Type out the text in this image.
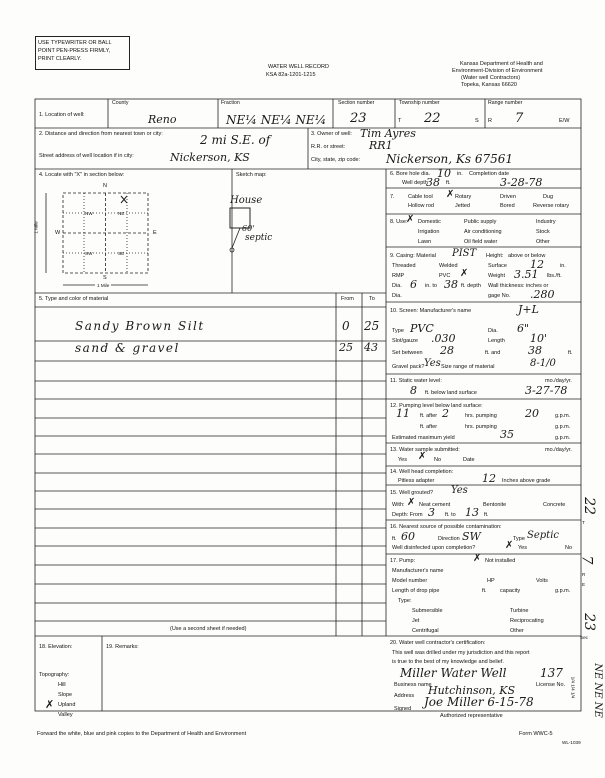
USE TYPEWRITER OR BALL
POINT PEN-PRESS FIRMLY,
PRINT CLEARLY.
WATER WELL RECORD
KSA 82a-1201-1215
Kansas Department of Health and
Environment-Division of Environment
(Water well Contractors)
Topeka, Kansas 66620
1. Location of well:
County
Reno
Fraction
NE¼ NE¼ NE¼
Section number
23
Township number
T 22	S
Range number
R 7	E/W
2. Distance and direction from nearest town or city:	2 mi S.E. of
Street address of well location if in city:	Nickerson, KS
3. Owner of well: Tim Ayres
R.R. or street: RR1
City, state, zip code: Nickerson, Ks 67561
4. Locate with "X" in section below:	Sketch map:
N
S
W	E
NW	NE
SW	SE
1 Mile
1 Mile
House
60'
septic
5. Type and color of material	From	To
Sandy Brown Silt	0 25
sand & gravel	25 43
(Use a second sheet if needed)
6. Bore hole dia. 10 in. Completion date
Well depth
38 ft.	3-28-78
7. Cable tool	Rotary
✗	Driven	Dug
Hollow rod	Jetted	Bored	Reverse rotary
8. Use:
✗ Domestic	Public supply	Industry
Irrigation	Air conditioning	Stock
Lawn	Oil field water	Other
9. Casing: Material PIST Height: above or below
Threaded	Welded	Surface 12	in.
RMP	PVC ✗	Weight 3.51 lbs./ft.
Dia. 6 in. to 38 ft. depth Wall thickness: inches or
Dia.	gage No. .280
10. Screen: Manufacturer's name	J+L
Type PVC	Dia. 6"
Slot/gauze .030	Length 10'
Set between 28	ft. and	38	ft.
Gravel pack? Yes Size range of material	8-1/0
11. Static water level:	mo./day/yr.
8 ft. below land surface	3-27-78
12. Pumping level below land surface:
11 ft. after 2	hrs. pumping	20	g.p.m.
ft. after	hrs. pumping	g.p.m.
Estimated maximum yield	35	g.p.m.
13. Water sample submitted:	mo./day/yr.
Yes ✗ No	Date
14. Well head completion:
Pitless adapter	12 Inches above grade
15. Well grouted? Yes
With: ✗ Neat cement	Bentonite	Concrete
Depth: From 3 ft. to 13 ft.
16. Nearest source of possible contamination:
ft. 60	Direction SW	Type Septic
Well disinfected upon completion?	✗ Yes	No
17. Pump:	✗ Not installed
Manufacturer's name
Model number	HP	Volts
Length of drop pipe	ft. capacity	g.p.m.
Type:
Submersible	Turbine
Jet	Reciprocating
Centrifugal	Other
18. Elevation:
Topography:
Hill
Slope
✗ Upland
Valley
19. Remarks:
20. Water well contractor's certification:
This well was drilled under my jurisdiction and this report
is true to the best of my knowledge and belief.
Miller Water Well	137
Business name	License No.
Address Hutchinson, KS
Signed Joe Miller 6-15-78
Authorized representative
Forward the white, blue and pink copies to the Department of Health and Environment	Form WWC-5
WL-1039
22
T
7
R
E
23
Sec
NE NE NE
1/4 1/4 1/4
